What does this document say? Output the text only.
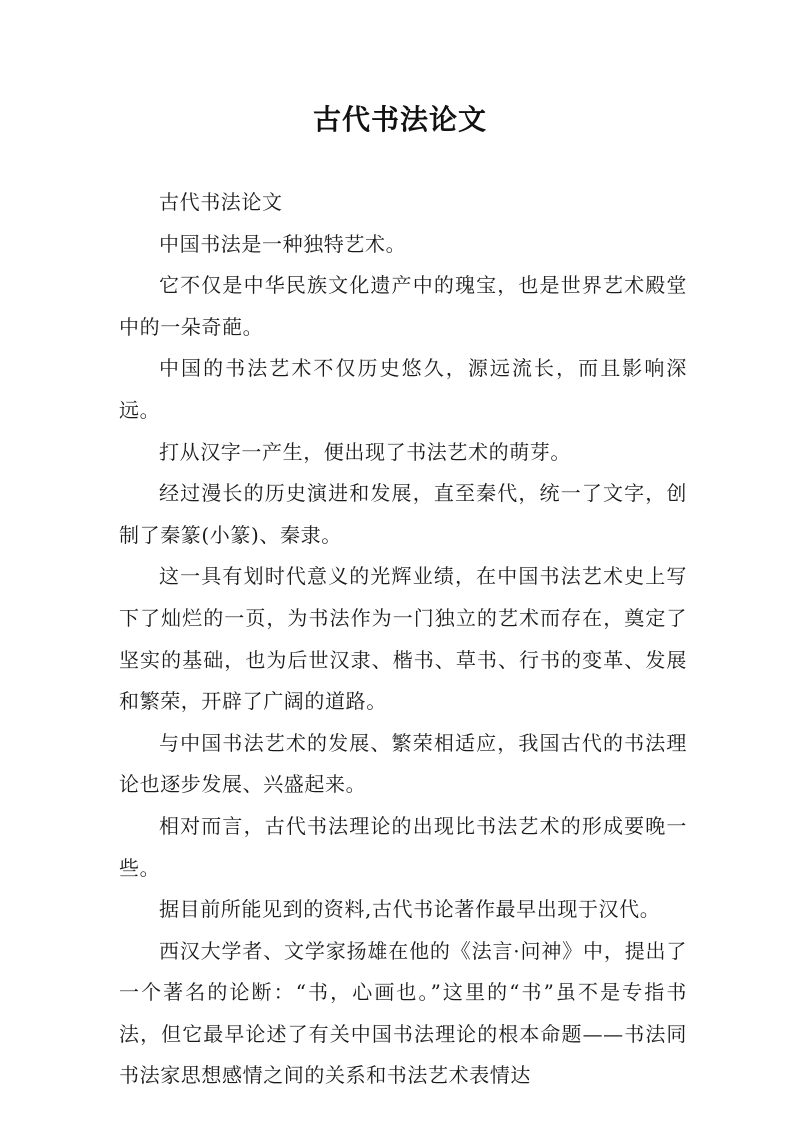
古代书法论文

古代书法论文

中国书法是一种独特艺术。

它不仅是中华民族文化遗产中的瑰宝，也是世界艺术殿堂中的一朵奇葩。

中国的书法艺术不仅历史悠久，源远流长，而且影响深远。

打从汉字一产生，便出现了书法艺术的萌芽。

经过漫长的历史演进和发展，直至秦代，统一了文字，创制了秦篆(小篆)、秦隶。

这一具有划时代意义的光辉业绩，在中国书法艺术史上写下了灿烂的一页，为书法作为一门独立的艺术而存在，奠定了坚实的基础，也为后世汉隶、楷书、草书、行书的变革、发展和繁荣，开辟了广阔的道路。

与中国书法艺术的发展、繁荣相适应，我国古代的书法理论也逐步发展、兴盛起来。

相对而言，古代书法理论的出现比书法艺术的形成要晚一些。

据目前所能见到的资料,古代书论著作最早出现于汉代。

西汉大学者、文学家扬雄在他的《法言·问神》中，提出了一个著名的论断：“书，心画也。”这里的“书”虽不是专指书法，但它最早论述了有关中国书法理论的根本命题——书法同书法家思想感情之间的关系和书法艺术表情达
